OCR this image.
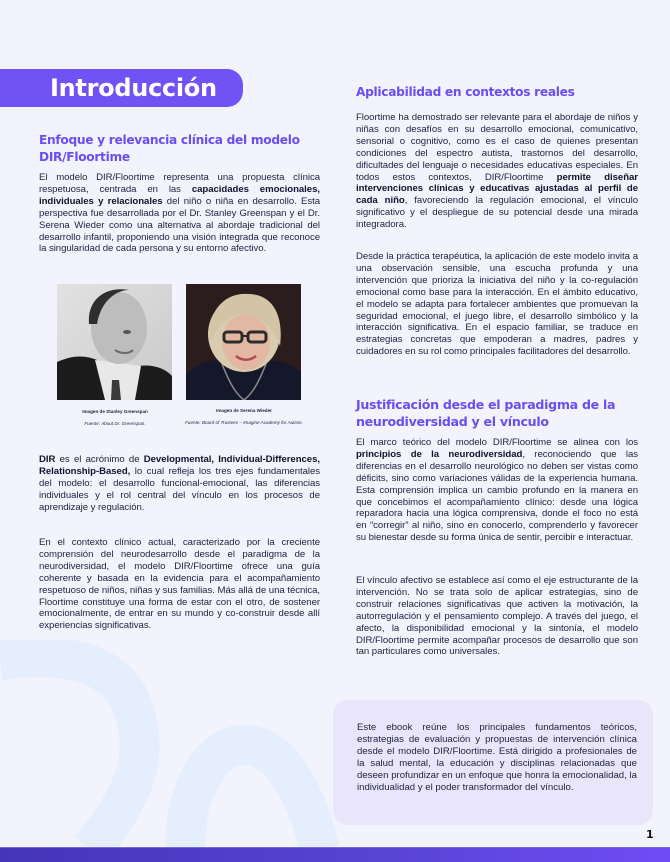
Introducción
Enfoque y relevancia clínica del modelo DIR/Floortime

El modelo DIR/Floortime representa una propuesta clínica respetuosa, centrada en las capacidades emocionales, individuales y relacionales del niño o niña en desarrollo. Esta perspectiva fue desarrollada por el Dr. Stanley Greenspan y el Dr. Serena Wieder como una alternativa al abordaje tradicional del desarrollo infantil, proponiendo una visión integrada que reconoce la singularidad de cada persona y su entorno afectivo.

Imagen de Stanley Greenspan
Fuente: About Dr. Greenspan.
Imagen de Serena Wieder
Fuente: Board of Trustees – Imagine Academy for Autism.

DIR es el acrónimo de Developmental, Individual-Differences, Relationship-Based, lo cual refleja los tres ejes fundamentales del modelo: el desarrollo funcional-emocional, las diferencias individuales y el rol central del vínculo en los procesos de aprendizaje y regulación.

En el contexto clínico actual, caracterizado por la creciente comprensión del neurodesarrollo desde el paradigma de la neurodiversidad, el modelo DIR/Floortime ofrece una guía coherente y basada en la evidencia para el acompañamiento respetuoso de niños, niñas y sus familias. Más allá de una técnica, Floortime constituye una forma de estar con el otro, de sostener emocionalmente, de entrar en su mundo y co-construir desde allí experiencias significativas.

Aplicabilidad en contextos reales

Floortime ha demostrado ser relevante para el abordaje de niños y niñas con desafíos en su desarrollo emocional, comunicativo, sensorial o cognitivo, como es el caso de quienes presentan condiciones del espectro autista, trastornos del desarrollo, dificultades del lenguaje o necesidades educativas especiales. En todos estos contextos, DIR/Floortime permite diseñar intervenciones clínicas y educativas ajustadas al perfil de cada niño, favoreciendo la regulación emocional, el vínculo significativo y el despliegue de su potencial desde una mirada integradora.

Desde la práctica terapéutica, la aplicación de este modelo invita a una observación sensible, una escucha profunda y una intervención que prioriza la iniciativa del niño y la co-regulación emocional como base para la interacción. En el ámbito educativo, el modelo se adapta para fortalecer ambientes que promuevan la seguridad emocional, el juego libre, el desarrollo simbólico y la interacción significativa. En el espacio familiar, se traduce en estrategias concretas que empoderan a madres, padres y cuidadores en su rol como principales facilitadores del desarrollo.

Justificación desde el paradigma de la neurodiversidad y el vínculo

El marco teórico del modelo DIR/Floortime se alinea con los principios de la neurodiversidad, reconociendo que las diferencias en el desarrollo neurológico no deben ser vistas como déficits, sino como variaciones válidas de la experiencia humana. Esta comprensión implica un cambio profundo en la manera en que concebimos el acompañamiento clínico: desde una lógica reparadora hacia una lógica comprensiva, donde el foco no está en “corregir” al niño, sino en conocerlo, comprenderlo y favorecer su bienestar desde su forma única de sentir, percibir e interactuar.

El vínculo afectivo se establece así como el eje estructurante de la intervención. No se trata solo de aplicar estrategias, sino de construir relaciones significativas que activen la motivación, la autorregulación y el pensamiento complejo. A través del juego, el afecto, la disponibilidad emocional y la sintonía, el modelo DIR/Floortime permite acompañar procesos de desarrollo que son tan particulares como universales.

Este ebook reúne los principales fundamentos teóricos, estrategias de evaluación y propuestas de intervención clínica desde el modelo DIR/Floortime. Está dirigido a profesionales de la salud mental, la educación y disciplinas relacionadas que deseen profundizar en un enfoque que honra la emocionalidad, la individualidad y el poder transformador del vínculo.

1
